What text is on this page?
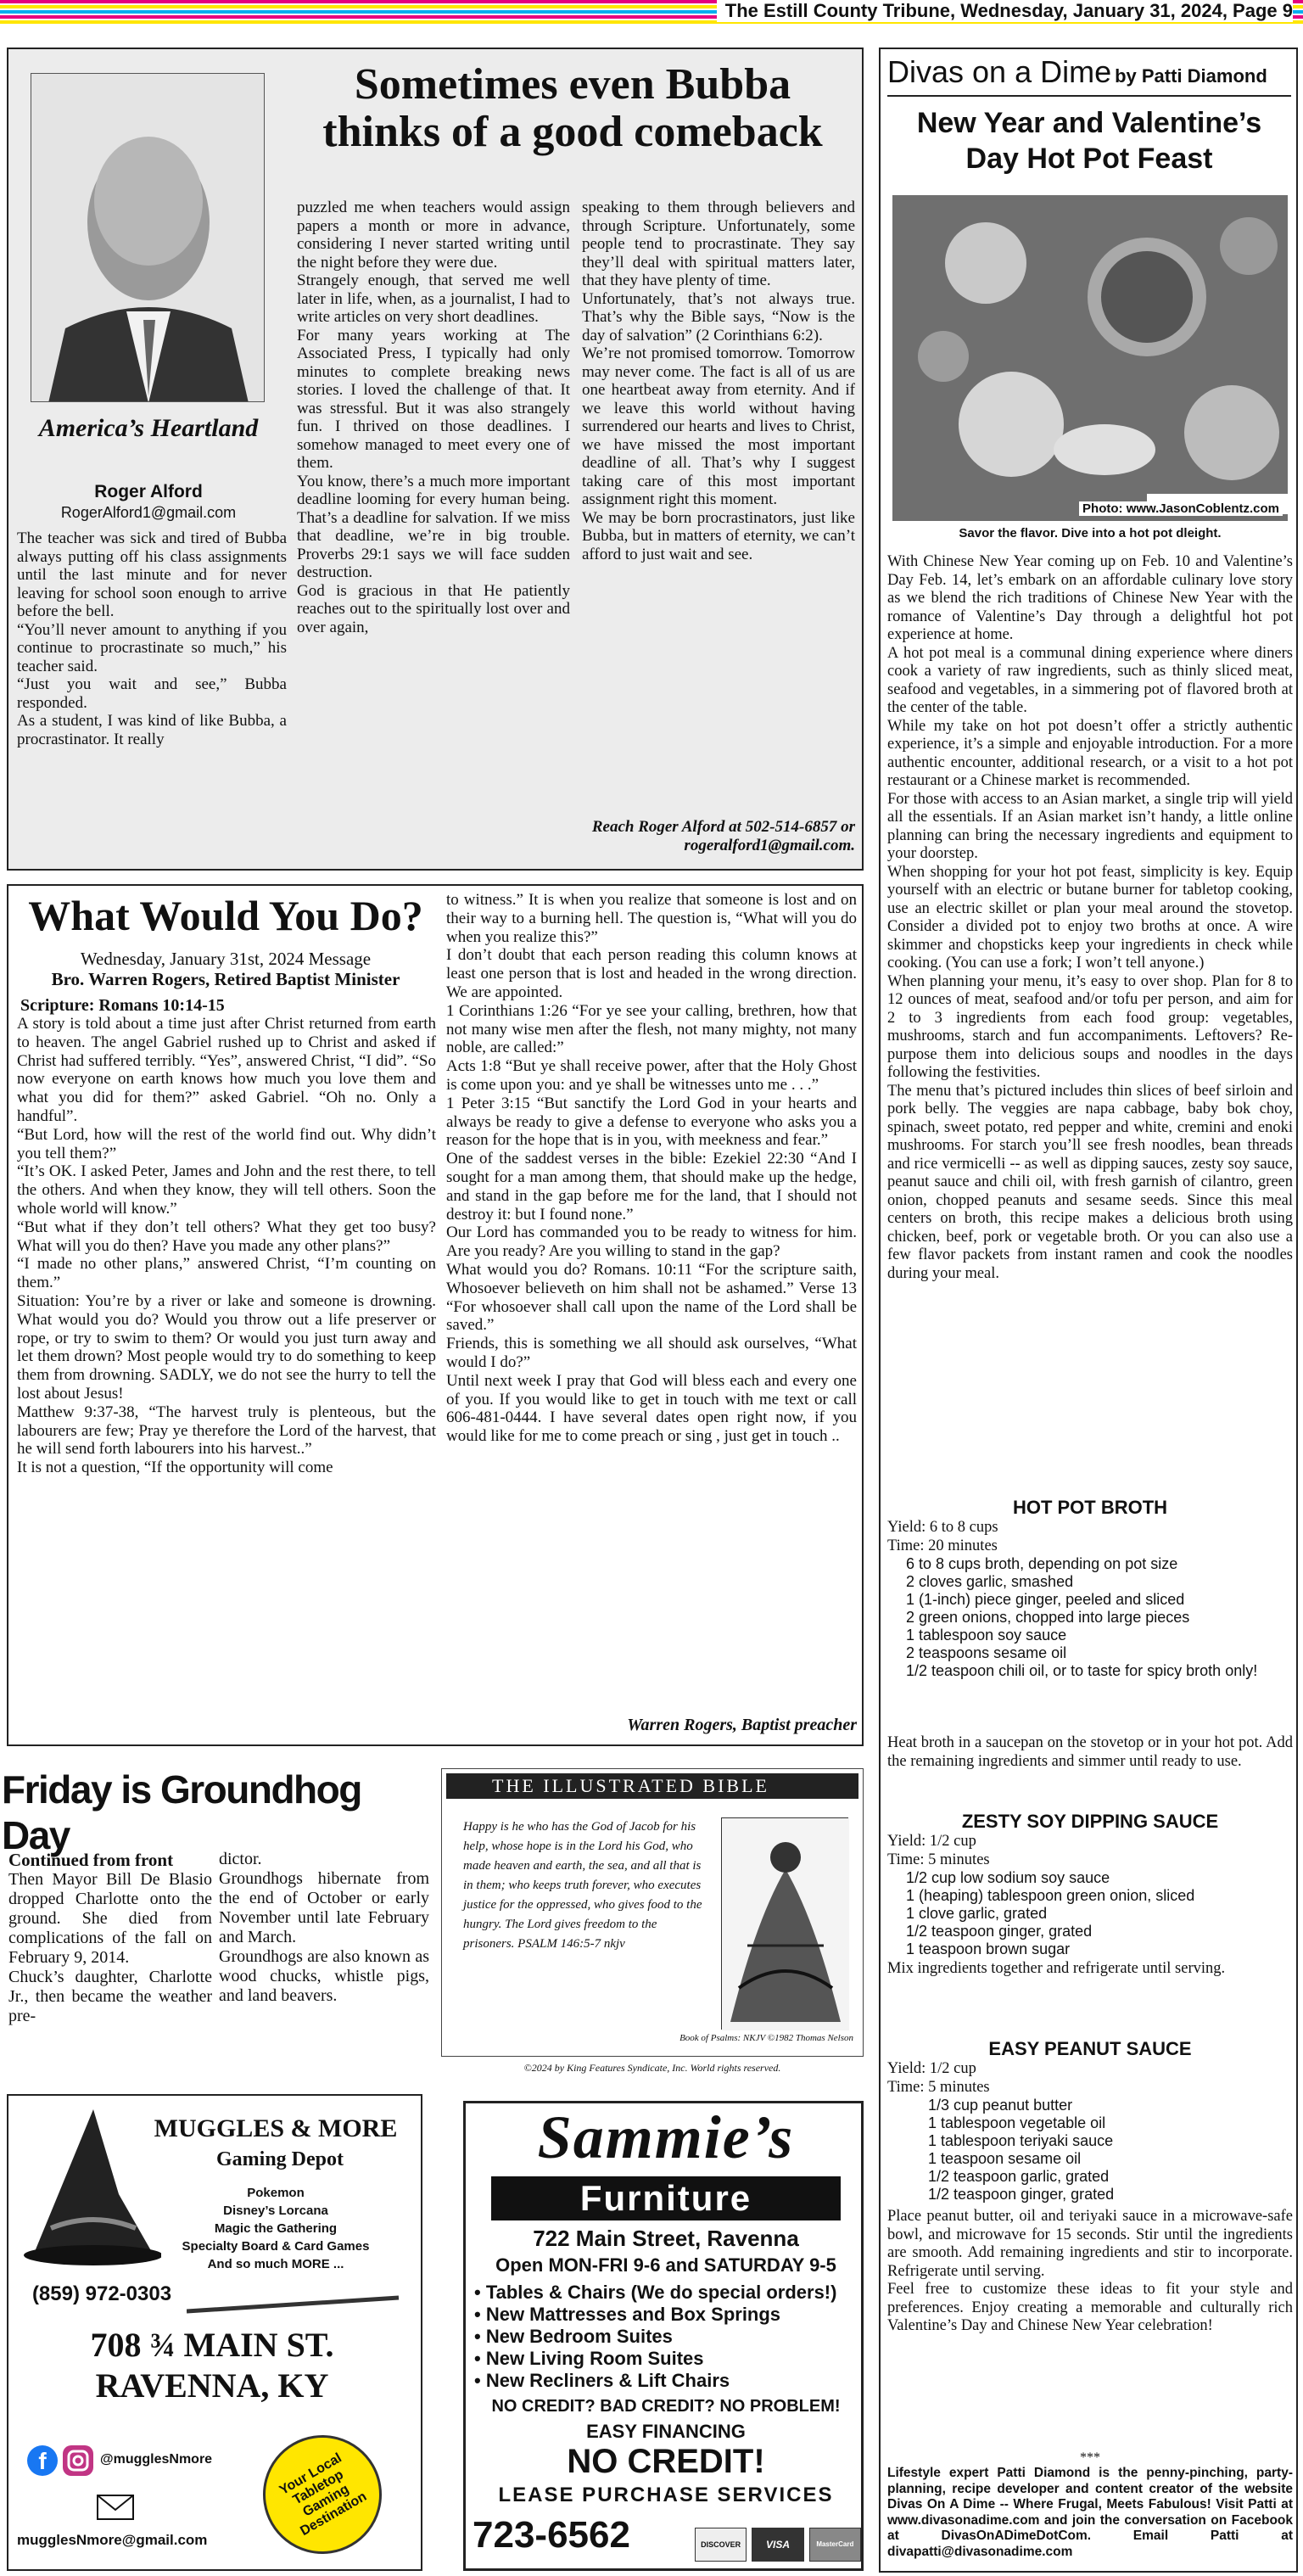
The Estill County Tribune, Wednesday, January 31, 2024, Page 9
America’s Heartland
Roger Alford
RogerAlford1@gmail.com
Sometimes even Bubba thinks of a good comeback
The teacher was sick and tired of Bubba always putting off his class assignments until the last minute and for never leaving for school soon enough to arrive before the bell.
“You’ll never amount to anything if you continue to procrastinate so much,” his teacher said.
“Just you wait and see,” Bubba responded.
As a student, I was kind of like Bubba, a procrastinator. It really
puzzled me when teachers would assign papers a month or more in advance, considering I never started writing until the night before they were due.
Strangely enough, that served me well later in life, when, as a journalist, I had to write articles on very short deadlines.
For many years working at The Associated Press, I typically had only minutes to complete breaking news stories. I loved the challenge of that. It was stressful. But it was also strangely fun. I thrived on those deadlines. I somehow managed to meet every one of them.
You know, there’s a much more important deadline looming for every human being. That’s a deadline for salvation. If we miss that deadline, we’re in big trouble. Proverbs 29:1 says we will face sudden destruction.
God is gracious in that He patiently reaches out to the spiritually lost over and over again,
speaking to them through believers and through Scripture. Unfortunately, some people tend to procrastinate. They say they’ll deal with spiritual matters later, that they have plenty of time.
Unfortunately, that’s not always true. That’s why the Bible says, “Now is the day of salvation” (2 Corinthians 6:2).
We’re not promised tomorrow. Tomorrow may never come. The fact is all of us are one heartbeat away from eternity. And if we leave this world without having surrendered our hearts and lives to Christ, we have missed the most important deadline of all. That’s why I suggest taking care of this most important assignment right this moment.
We may be born procrastinators, just like Bubba, but in matters of eternity, we can’t afford to just wait and see.
Reach Roger Alford at 502-514-6857 or rogeralford1@gmail.com.
Divas on a Dime by Patti Diamond
New Year and Valentine’s Day Hot Pot Feast
Photo: www.JasonCoblentz.com
Savor the flavor. Dive into a hot pot dleight.
With Chinese New Year coming up on Feb. 10 and Valentine’s Day Feb. 14, let’s embark on an affordable culinary love story as we blend the rich traditions of Chinese New Year with the romance of Valentine’s Day through a delightful hot pot experience at home.
A hot pot meal is a communal dining experience where diners cook a variety of raw ingredients, such as thinly sliced meat, seafood and vegetables, in a simmering pot of flavored broth at the center of the table.
While my take on hot pot doesn’t offer a strictly authentic experience, it’s a simple and enjoyable introduction. For a more authentic encounter, additional research, or a visit to a hot pot restaurant or a Chinese market is recommended.
For those with access to an Asian market, a single trip will yield all the essentials. If an Asian market isn’t handy, a little online planning can bring the necessary ingredients and equipment to your doorstep.
When shopping for your hot pot feast, simplicity is key. Equip yourself with an electric or butane burner for tabletop cooking, use an electric skillet or plan your meal around the stovetop. Consider a divided pot to enjoy two broths at once. A wire skimmer and chopsticks keep your ingredients in check while cooking. (You can use a fork; I won’t tell anyone.)
When planning your menu, it’s easy to over shop. Plan for 8 to 12 ounces of meat, seafood and/or tofu per person, and aim for 2 to 3 ingredients from each food group: vegetables, mushrooms, starch and fun accompaniments. Leftovers? Re-purpose them into delicious soups and noodles in the days following the festivities.
The menu that’s pictured includes thin slices of beef sirloin and pork belly. The veggies are napa cabbage, baby bok choy, spinach, sweet potato, red pepper and white, cremini and enoki mushrooms. For starch you’ll see fresh noodles, bean threads and rice vermicelli -- as well as dipping sauces, zesty soy sauce, peanut sauce and chili oil, with fresh garnish of cilantro, green onion, chopped peanuts and sesame seeds. Since this meal centers on broth, this recipe makes a delicious broth using chicken, beef, pork or vegetable broth. Or you can also use a few flavor packets from instant ramen and cook the noodles during your meal.
HOT POT BROTH
Yield: 6 to 8 cups
Time: 20 minutes
6 to 8 cups broth, depending on pot size
2 cloves garlic, smashed
1 (1-inch) piece ginger, peeled and sliced
2 green onions, chopped into large pieces
1 tablespoon soy sauce
2 teaspoons sesame oil
1/2 teaspoon chili oil, or to taste for spicy broth only!
Heat broth in a saucepan on the stovetop or in your hot pot. Add the remaining ingredients and simmer until ready to use.
ZESTY SOY DIPPING SAUCE
Yield: 1/2 cup
Time: 5 minutes
1/2 cup low sodium soy sauce
1 (heaping) tablespoon green onion, sliced
1 clove garlic, grated
1/2 teaspoon ginger, grated
1 teaspoon brown sugar
Mix ingredients together and refrigerate until serving.
EASY PEANUT SAUCE
Yield: 1/2 cup
Time: 5 minutes
1/3 cup peanut butter
1 tablespoon vegetable oil
1 tablespoon teriyaki sauce
1 teaspoon sesame oil
1/2 teaspoon garlic, grated
1/2 teaspoon ginger, grated
Place peanut butter, oil and teriyaki sauce in a microwave-safe bowl, and microwave for 15 seconds. Stir until the ingredients are smooth. Add remaining ingredients and stir to incorporate. Refrigerate until serving.
Feel free to customize these ideas to fit your style and preferences. Enjoy creating a memorable and culturally rich Valentine’s Day and Chinese New Year celebration!
***
Lifestyle expert Patti Diamond is the penny-pinching, party-planning, recipe developer and content creator of the website Divas On A Dime -- Where Frugal, Meets Fabulous! Visit Patti at www.divasonadime.com and join the conversation on Facebook at DivasOnADimeDotCom. Email Patti at divapatti@divasonadime.com
What Would You Do?
Wednesday, January 31st, 2024 Message
Bro. Warren Rogers, Retired Baptist Minister
Scripture: Romans 10:14-15
A story is told about a time just after Christ returned from earth to heaven. The angel Gabriel rushed up to Christ and asked if Christ had suffered terribly. “Yes”, answered Christ, “I did”. “So now everyone on earth knows how much you love them and what you did for them?” asked Gabriel. “Oh no. Only a handful”.
“But Lord, how will the rest of the world find out. Why didn’t you tell them?”
“It’s OK. I asked Peter, James and John and the rest there, to tell the others. And when they know, they will tell others. Soon the whole world will know.”
“But what if they don’t tell others? What they get too busy? What will you do then? Have you made any other plans?”
“I made no other plans,” answered Christ, “I’m counting on them.”
Situation: You’re by a river or lake and someone is drowning. What would you do? Would you throw out a life preserver or rope, or try to swim to them? Or would you just turn away and let them drown? Most people would try to do something to keep them from drowning. SADLY, we do not see the hurry to tell the lost about Jesus!
Matthew 9:37-38, “The harvest truly is plenteous, but the labourers are few; Pray ye therefore the Lord of the harvest, that he will send forth labourers into his harvest..”
It is not a question, “If the opportunity will come
to witness.” It is when you realize that someone is lost and on their way to a burning hell. The question is, “What will you do when you realize this?”
I don’t doubt that each person reading this column knows at least one person that is lost and headed in the wrong direction. We are appointed.
1 Corinthians 1:26 “For ye see your calling, brethren, how that not many wise men after the flesh, not many mighty, not many noble, are called:”
Acts 1:8 “But ye shall receive power, after that the Holy Ghost is come upon you: and ye shall be witnesses unto me . . .”
1 Peter 3:15 “But sanctify the Lord God in your hearts and always be ready to give a defense to everyone who asks you a reason for the hope that is in you, with meekness and fear.”
One of the saddest verses in the bible: Ezekiel 22:30 “And I sought for a man among them, that should make up the hedge, and stand in the gap before me for the land, that I should not destroy it: but I found none.”
Our Lord has commanded you to be ready to witness for him. Are you ready? Are you willing to stand in the gap?
What would you do? Romans. 10:11 “For the scripture saith, Whosoever believeth on him shall not be ashamed.” Verse 13 “For whosoever shall call upon the name of the Lord shall be saved.”
Friends, this is something we all should ask ourselves, “What would I do?”
Until next week I pray that God will bless each and every one of you. If you would like to get in touch with me text or call 606-481-0444. I have several dates open right now, if you would like for me to come preach or sing , just get in touch ..
Warren Rogers, Baptist preacher
Friday is Groundhog Day
Continued from front
Then Mayor Bill De Blasio dropped Charlotte onto the ground. She died from complications of the fall on February 9, 2014.
Chuck’s daughter, Charlotte Jr., then became the weather pre-
dictor.
Groundhogs hibernate from the end of October or early November until late February and March.
Groundhogs are also known as wood chucks, whistle pigs, and land beavers.
THE ILLUSTRATED BIBLE
Happy is he who has the God of Jacob for his help, whose hope is in the Lord his God, who made heaven and earth, the sea, and all that is in them; who keeps truth forever, who executes justice for the oppressed, who gives food to the hungry. The Lord gives freedom to the prisoners. PSALM 146:5-7 nkjv
Book of Psalms: NKJV ©1982 Thomas Nelson
©2024 by King Features Syndicate, Inc. World rights reserved.
MUGGLES & MORE
Gaming Depot
Pokemon
Disney’s Lorcana
Magic the Gathering
Specialty Board & Card Games
And so much MORE ...
(859) 972-0303
708 ¾ MAIN ST.
RAVENNA, KY
f	@mugglesNmore
mugglesNmore@gmail.com
Your Local Tabletop Gaming Destination
Sammie’s
Furniture
722 Main Street, Ravenna
Open MON-FRI 9-6 and SATURDAY 9-5
• Tables & Chairs (We do special orders!)
• New Mattresses and Box Springs
• New Bedroom Suites
• New Living Room Suites
• New Recliners & Lift Chairs
NO CREDIT? BAD CREDIT? NO PROBLEM!
EASY FINANCING
NO CREDIT!
LEASE PURCHASE SERVICES
723-6562	DISCOVER	VISA	MasterCard
